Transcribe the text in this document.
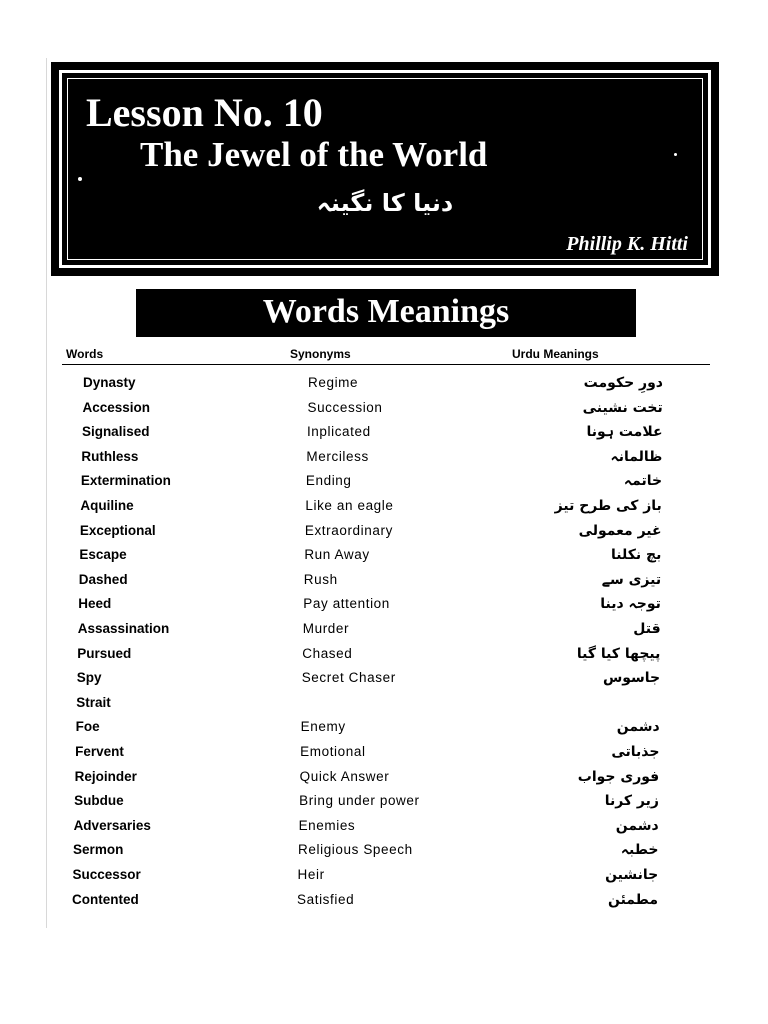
Lesson No. 10
The Jewel of the World
دنیا کا نگینہ
Phillip K. Hitti
Words Meanings
Words	Synonyms	Urdu Meanings
Dynasty	Regime	دورِ حکومت
Accession	Succession	تخت نشینی
Signalised	Inplicated	علامت ہونا
Ruthless	Merciless	ظالمانہ
Extermination	Ending	خاتمہ
Aquiline	Like an eagle	باز کی طرح تیز
Exceptional	Extraordinary	غیر معمولی
Escape	Run Away	بچ نکلنا
Dashed	Rush	تیزی سے
Heed	Pay attention	توجہ دینا
Assassination	Murder	قتل
Pursued	Chased	پیچھا کیا گیا
Spy	Secret Chaser	جاسوس
Strait
Foe	Enemy	دشمن
Fervent	Emotional	جذباتی
Rejoinder	Quick Answer	فوری جواب
Subdue	Bring under power	زیر کرنا
Adversaries	Enemies	دشمن
Sermon	Religious Speech	خطبہ
Successor	Heir	جانشین
Contented	Satisfied	مطمئن
